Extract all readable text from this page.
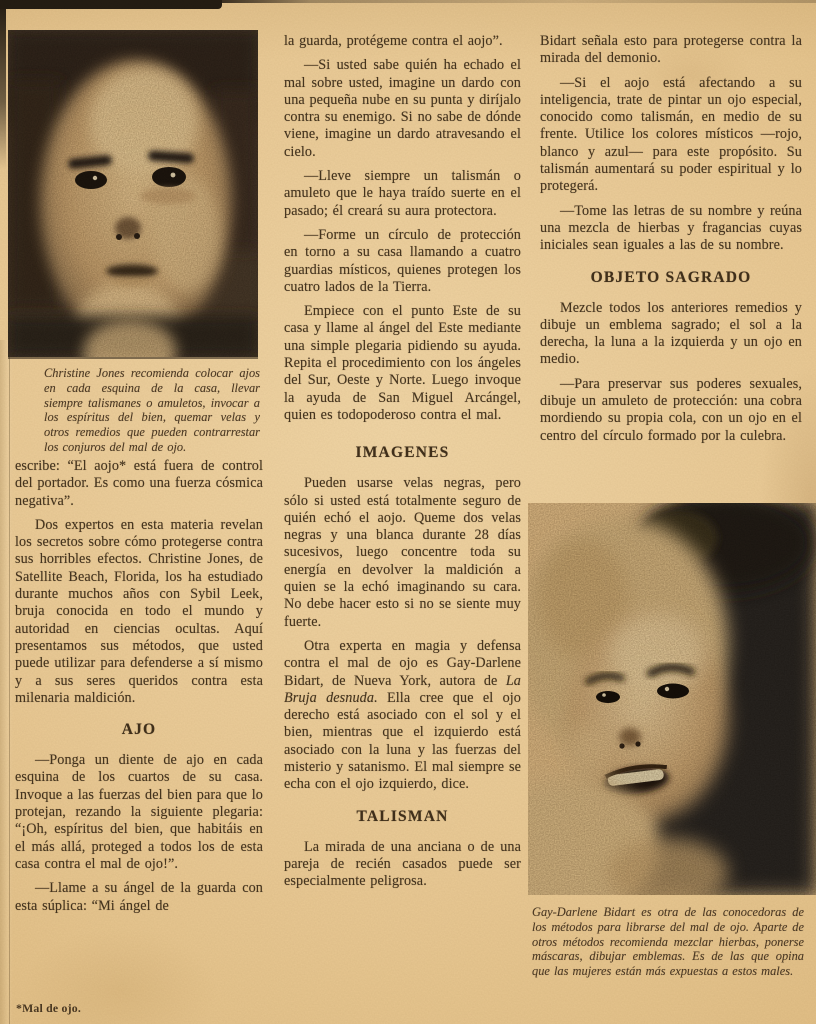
Christine Jones recomienda colocar ajos en cada esquina de la casa, llevar siempre talismanes o amuletos, invocar a los espíritus del bien, quemar velas y otros remedios que pueden contrarrestar los conjuros del mal de ojo.

escribe: “El aojo* está fuera de control del portador. Es como una fuerza cósmica negativa”.

Dos expertos en esta materia revelan los secretos sobre cómo protegerse contra sus horribles efectos. Christine Jones, de Satellite Beach, Florida, los ha estudiado durante muchos años con Sybil Leek, bruja conocida en todo el mundo y autoridad en ciencias ocultas. Aquí presentamos sus métodos, que usted puede utilizar para defenderse a sí mismo y a sus seres queridos contra esta milenaria maldición.

AJO

—Ponga un diente de ajo en cada esquina de los cuartos de su casa. Invoque a las fuerzas del bien para que lo protejan, rezando la siguiente plegaria: “¡Oh, espíritus del bien, que habitáis en el más allá, proteged a todos los de esta casa contra el mal de ojo!”.

—Llame a su ángel de la guarda con esta súplica: “Mi ángel de

*Mal de ojo.

la guarda, protégeme contra el aojo”.

—Si usted sabe quién ha echado el mal sobre usted, imagine un dardo con una pequeña nube en su punta y diríjalo contra su enemigo. Si no sabe de dónde viene, imagine un dardo atravesando el cielo.

—Lleve siempre un talismán o amuleto que le haya traído suerte en el pasado; él creará su aura protectora.

—Forme un círculo de protección en torno a su casa llamando a cuatro guardias místicos, quienes protegen los cuatro lados de la Tierra.

Empiece con el punto Este de su casa y llame al ángel del Este mediante una simple plegaria pidiendo su ayuda. Repita el procedimiento con los ángeles del Sur, Oeste y Norte. Luego invoque la ayuda de San Miguel Arcángel, quien es todopoderoso contra el mal.

IMAGENES

Pueden usarse velas negras, pero sólo si usted está totalmente seguro de quién echó el aojo. Queme dos velas negras y una blanca durante 28 días sucesivos, luego concentre toda su energía en devolver la maldición a quien se la echó imaginando su cara. No debe hacer esto si no se siente muy fuerte.

Otra experta en magia y defensa contra el mal de ojo es Gay-Darlene Bidart, de Nueva York, autora de La Bruja desnuda. Ella cree que el ojo derecho está asociado con el sol y el bien, mientras que el izquierdo está asociado con la luna y las fuerzas del misterio y satanismo. El mal siempre se echa con el ojo izquierdo, dice.

TALISMAN

La mirada de una anciana o de una pareja de recién casados puede ser especialmente peligrosa.

Bidart señala esto para protegerse contra la mirada del demonio.

—Si el aojo está afectando a su inteligencia, trate de pintar un ojo especial, conocido como talismán, en medio de su frente. Utilice los colores místicos —rojo, blanco y azul— para este propósito. Su talismán aumentará su poder espiritual y lo protegerá.

—Tome las letras de su nombre y reúna una mezcla de hierbas y fragancias cuyas iniciales sean iguales a las de su nombre.

OBJETO SAGRADO

Mezcle todos los anteriores remedios y dibuje un emblema sagrado; el sol a la derecha, la luna a la izquierda y un ojo en medio.

—Para preservar sus poderes sexuales, dibuje un amuleto de protección: una cobra mordiendo su propia cola, con un ojo en el centro del círculo formado por la culebra.

Gay-Darlene Bidart es otra de las conocedoras de los métodos para librarse del mal de ojo. Aparte de otros métodos recomienda mezclar hierbas, ponerse máscaras, dibujar emblemas. Es de las que opina que las mujeres están más expuestas a estos males.
